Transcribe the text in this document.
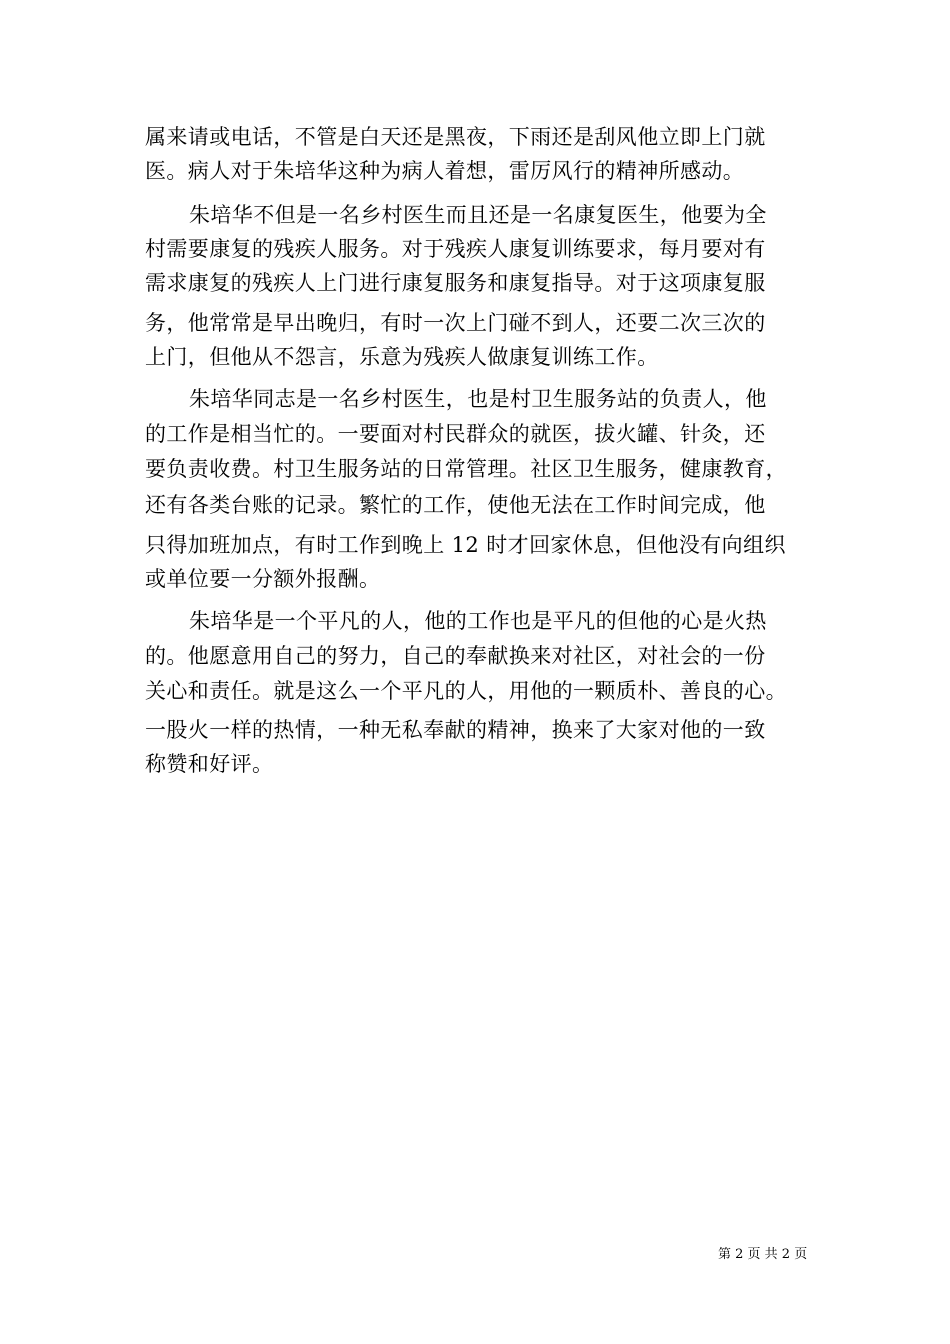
属来请或电话，不管是白天还是黑夜，下雨还是刮风他立即上门就
医。病人对于朱培华这种为病人着想，雷厉风行的精神所感动。
朱培华不但是一名乡村医生而且还是一名康复医生，他要为全
村需要康复的残疾人服务。对于残疾人康复训练要求，每月要对有
需求康复的残疾人上门进行康复服务和康复指导。对于这项康复服
务，他常常是早出晚归，有时一次上门碰不到人，还要二次三次的
上门，但他从不怨言，乐意为残疾人做康复训练工作。
朱培华同志是一名乡村医生，也是村卫生服务站的负责人，他
的工作是相当忙的。一要面对村民群众的就医，拔火罐、针灸，还
要负责收费。村卫生服务站的日常管理。社区卫生服务，健康教育，
还有各类台账的记录。繁忙的工作，使他无法在工作时间完成，他
只得加班加点，有时工作到晚上 12 时才回家休息，但他没有向组织
或单位要一分额外报酬。
朱培华是一个平凡的人，他的工作也是平凡的但他的心是火热
的。他愿意用自己的努力，自己的奉献换来对社区，对社会的一份
关心和责任。就是这么一个平凡的人，用他的一颗质朴、善良的心。
一股火一样的热情，一种无私奉献的精神，换来了大家对他的一致
称赞和好评。
第 2 页 共 2 页
